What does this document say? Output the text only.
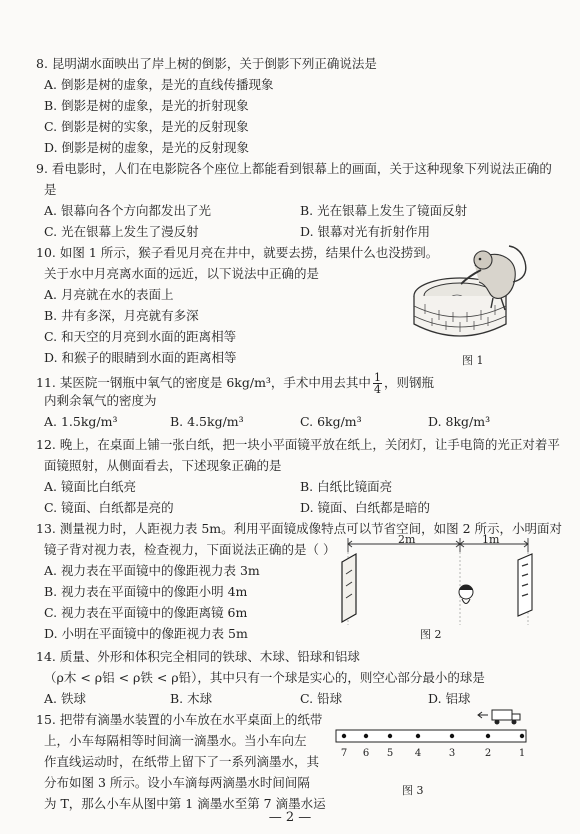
8. 昆明湖水面映出了岸上树的倒影，关于倒影下列正确说法是
A. 倒影是树的虚象，是光的直线传播现象
B. 倒影是树的虚象，是光的折射现象
C. 倒影是树的实象，是光的反射现象
D. 倒影是树的虚象，是光的反射现象
9. 看电影时，人们在电影院各个座位上都能看到银幕上的画面，关于这种现象下列说法正确的
是
A. 银幕向各个方向都发出了光	B. 光在银幕上发生了镜面反射
C. 光在银幕上发生了漫反射	D. 银幕对光有折射作用
10. 如图 1 所示，猴子看见月亮在井中，就要去捞，结果什么也没捞到。
关于水中月亮离水面的远近，以下说法中正确的是
A. 月亮就在水的表面上
B. 井有多深，月亮就有多深
C. 和天空的月亮到水面的距离相等
D. 和猴子的眼睛到水面的距离相等	图 1
11. 某医院一钢瓶中氧气的密度是 6kg/m³，手术中用去其中 $\frac{1}{4}$ ，则钢瓶
内剩余氧气的密度为
A. 1.5kg/m³	B. 4.5kg/m³	C. 6kg/m³	D. 8kg/m³
12. 晚上，在桌面上铺一张白纸，把一块小平面镜平放在纸上，关闭灯，让手电筒的光正对着平
面镜照射，从侧面看去，下述现象正确的是
A. 镜面比白纸亮	B. 白纸比镜面亮
C. 镜面、白纸都是亮的	D. 镜面、白纸都是暗的
13. 测量视力时，人距视力表 5m。利用平面镜成像特点可以节省空间，如图 2 所示，小明面对
镜子背对视力表，检查视力，下面说法正确的是（ ）
A. 视力表在平面镜中的像距视力表 3m
B. 视力表在平面镜中的像距小明 4m
C. 视力表在平面镜中的像距离镜 6m
D. 小明在平面镜中的像距视力表 5m
2m	1m
图 2
14. 质量、外形和体积完全相同的铁球、木球、铅球和铝球
（ρ木 < ρ铝 < ρ铁 < ρ铅），其中只有一个球是实心的，则空心部分最小的球是
A. 铁球	B. 木球	C. 铅球	D. 铝球
15. 把带有滴墨水装置的小车放在水平桌面上的纸带
上，小车每隔相等时间滴一滴墨水。当小车向左
作直线运动时，在纸带上留下了一系列滴墨水，其
分布如图 3 所示。设小车滴每两滴墨水时间间隔
为 T，那么小车从图中第 1 滴墨水至第 7 滴墨水运
7 6 5 4	3	2	1
图 3
— 2 —
